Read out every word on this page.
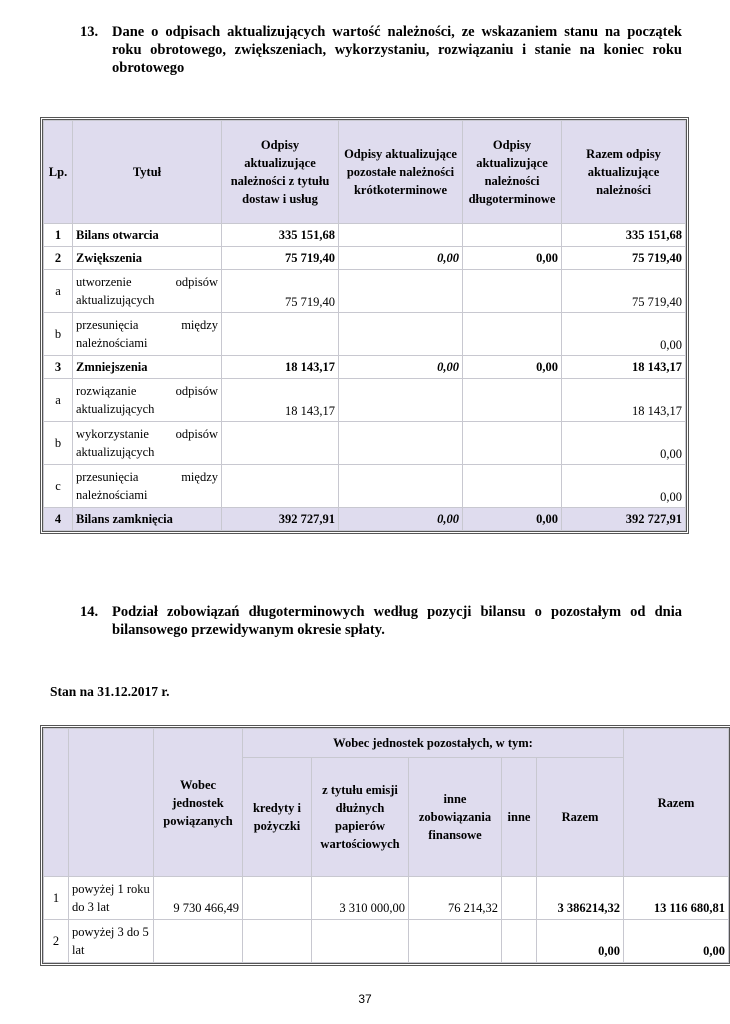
13. Dane o odpisach aktualizujących wartość należności, ze wskazaniem stanu na początek roku obrotowego, zwiększeniach, wykorzystaniu, rozwiązaniu i stanie na koniec roku obrotowego
Lp.	Tytuł	Odpisy aktualizujące należności z tytułu dostaw i usług	Odpisy aktualizujące pozostałe należności krótkoterminowe	Odpisy aktualizujące należności długoterminowe	Razem odpisy aktualizujące należności
1	Bilans otwarcia	335 151,68			335 151,68
2	Zwiększenia	75 719,40	0,00	0,00	75 719,40
a	utworzenie odpisów aktualizujących	75 719,40			75 719,40
b	przesunięcia między należnościami				0,00
3	Zmniejszenia	18 143,17	0,00	0,00	18 143,17
a	rozwiązanie odpisów aktualizujących	18 143,17			18 143,17
b	wykorzystanie odpisów aktualizujących				0,00
c	przesunięcia między należnościami				0,00
4	Bilans zamknięcia	392 727,91	0,00	0,00	392 727,91
14. Podział zobowiązań długoterminowych według pozycji bilansu o pozostałym od dnia bilansowego przewidywanym okresie spłaty.
Stan na 31.12.2017 r.
		Wobec jednostek powiązanych	Wobec jednostek pozostałych, w tym:					Razem
			kredyty i pożyczki	z tytułu emisji dłużnych papierów wartościowych	inne zobowiązania finansowe	inne	Razem	
1	powyżej 1 roku do 3 lat	9 730 466,49		3 310 000,00	76 214,32		3 386214,32	13 116 680,81
2	powyżej 3 do 5 lat						0,00	0,00
37
